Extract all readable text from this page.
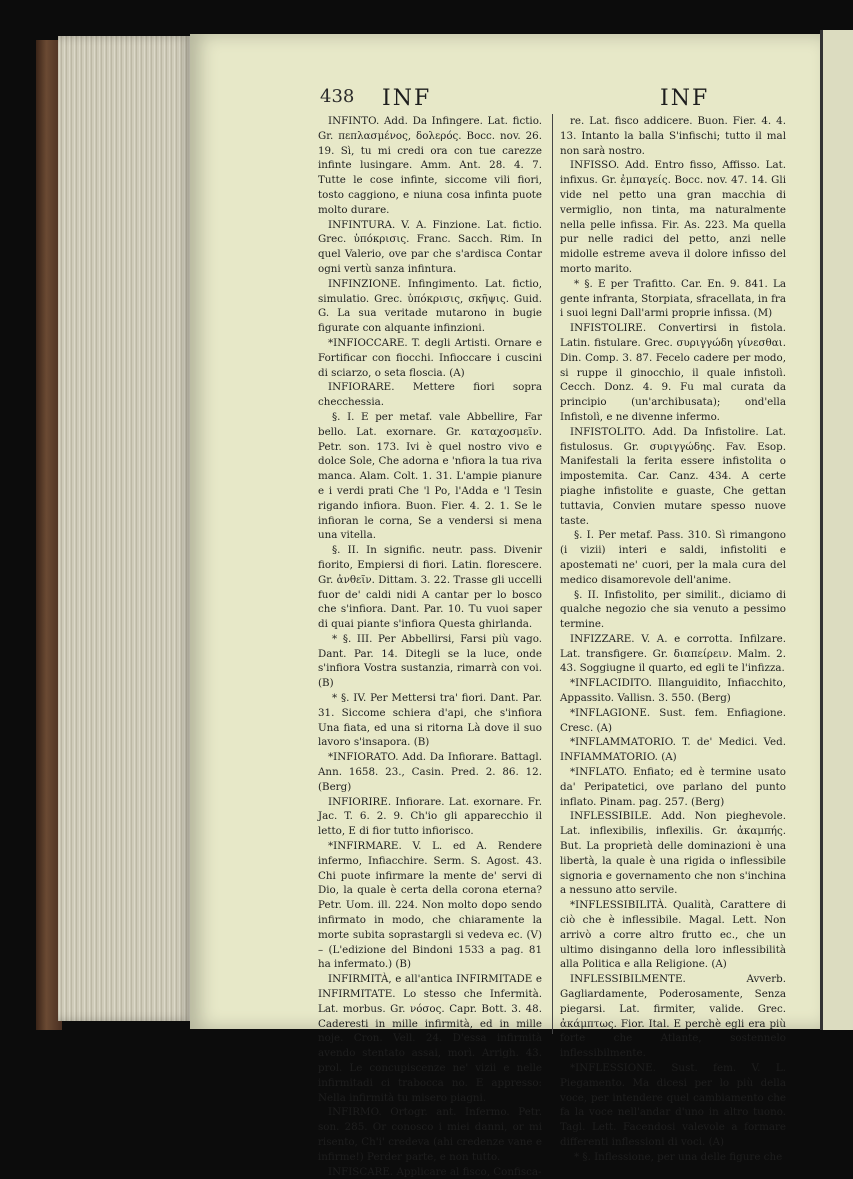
438 INF	INF

INFINTO. Add. Da Infingere. Lat. fictio. Gr. πεπλασμένος, δολερός. Bocc. nov. 26. 19. Sì, tu mi credi ora con tue carezze infinte lusingare. Amm. Ant. 28. 4. 7. Tutte le cose infinte, siccome vili fiori, tosto caggiono, e niuna cosa infinta puote molto durare.

INFINTURA. V. A. Finzione. Lat. fictio. Grec. ὑπόκρισις. Franc. Sacch. Rim. In quel Valerio, ove par che s'ardisca Contar ogni vertù sanza infintura.

INFINZIONE. Infingimento. Lat. fictio, simulatio. Grec. ὑπόκρισις, σκῆψις. Guid. G. La sua veritade mutarono in bugie figurate con alquante infinzioni.

*INFIOCCARE. T. degli Artisti. Ornare e Fortificar con fiocchi. Infioccare i cuscini di sciarzo, o seta floscia. (A)

INFIORARE. Mettere fiori sopra checchessia.

§. I. E per metaf. vale Abbellire, Far bello. Lat. exornare. Gr. καταχοσμεῖν. Petr. son. 173. Ivi è quel nostro vivo e dolce Sole, Che adorna e 'nfiora la tua riva manca. Alam. Colt. 1. 31. L'ampie pianure e i verdi prati Che 'l Po, l'Adda e 'l Tesin rigando infiora. Buon. Fier. 4. 2. 1. Se le infioran le corna, Se a vendersi si mena una vitella.

§. II. In signific. neutr. pass. Divenir fiorito, Empiersi di fiori. Latin. florescere. Gr. ἀνθεῖν. Dittam. 3. 22. Trasse gli uccelli fuor de' caldi nidi A cantar per lo bosco che s'infiora. Dant. Par. 10. Tu vuoi saper di quai piante s'infiora Questa ghirlanda.

* §. III. Per Abbellirsi, Farsi più vago. Dant. Par. 14. Ditegli se la luce, onde s'infiora Vostra sustanzia, rimarrà con voi. (B)

* §. IV. Per Mettersi tra' fiori. Dant. Par. 31. Siccome schiera d'api, che s'infiora Una fiata, ed una si ritorna Là dove il suo lavoro s'insapora. (B)

*INFIORATO. Add. Da Infiorare. Battagl. Ann. 1658. 23., Casin. Pred. 2. 86. 12. (Berg)

INFIORIRE. Infiorare. Lat. exornare. Fr. Jac. T. 6. 2. 9. Ch'io gli apparecchio il letto, E di fior tutto infiorisco.

*INFIRMARE. V. L. ed A. Rendere infermo, Infiacchire. Serm. S. Agost. 43. Chi puote infirmare la mente de' servi di Dio, la quale è certa della corona eterna? Petr. Uom. ill. 224. Non molto dopo sendo infirmato in modo, che chiaramente la morte subita soprastargli si vedeva ec. (V) – (L'edizione del Bindoni 1533 a pag. 81 ha infermato.) (B)

INFIRMITÀ, e all'antica INFIRMITADE e INFIRMITATE. Lo stesso che Infermità. Lat. morbus. Gr. νόσος. Capr. Bott. 3. 48. Caderesti in mille infirmità, ed in mille noje. Cron. Vell. 24. D'essa infirmità avendo stentato assai, morì. Arrigh. 43. prol. Le concupiscenze ne' vizii e nelle infirmitadi ci trabocca no. E appresso: Nella infirmità tu misero piagni.

INFIRMO. Ortogr. ant. Infermo. Petr. son. 285. Or conosco i miei danni, or mi risento, Ch'i' credeva (ahi credenze vane e infirme!) Perder parte, e non tutto.

INFISCARE. Applicare al fisco, Confisca-

re. Lat. fisco addicere. Buon. Fier. 4. 4. 13. Intanto la balla S'infischi; tutto il mal non sarà nostro.

INFISSO. Add. Entro fisso, Affisso. Lat. infixus. Gr. ἐμπαγείς. Bocc. nov. 47. 14. Gli vide nel petto una gran macchia di vermiglio, non tinta, ma naturalmente nella pelle infissa. Fir. As. 223. Ma quella pur nelle radici del petto, anzi nelle midolle estreme aveva il dolore infisso del morto marito.

* §. E per Trafitto. Car. En. 9. 841. La gente infranta, Storpiata, sfracellata, in fra i suoi legni Dall'armi proprie infissa. (M)

INFISTOLIRE. Convertirsi in fistola. Latin. fistulare. Grec. συριγγώδη γίνεσθαι. Din. Comp. 3. 87. Fecelo cadere per modo, si ruppe il ginocchio, il quale infistolì. Cecch. Donz. 4. 9. Fu mal curata da principio (un'archibusata); ond'ella Infistolì, e ne divenne infermo.

INFISTOLITO. Add. Da Infistolire. Lat. fistulosus. Gr. συριγγώδης. Fav. Esop. Manifestali la ferita essere infistolita o impostemita. Car. Canz. 434. A certe piaghe infistolite e guaste, Che gettan tuttavia, Convien mutare spesso nuove taste.

§. I. Per metaf. Pass. 310. Sì rimangono (i vizii) interi e saldi, infistoliti e apostemati ne' cuori, per la mala cura del medico disamorevole dell'anime.

§. II. Infistolito, per similit., diciamo di qualche negozio che sia venuto a pessimo termine.

INFIZZARE. V. A. e corrotta. Infilzare. Lat. transfigere. Gr. διαπείρειν. Malm. 2. 43. Soggiugne il quarto, ed egli te l'infizza.

*INFLACIDITO. Illanguidito, Infiacchito, Appassito. Vallisn. 3. 550. (Berg)

*INFLAGIONE. Sust. fem. Enfiagione. Cresc. (A)

*INFLAMMATORIO. T. de' Medici. Ved. INFIAMMATORIO. (A)

*INFLATO. Enfiato; ed è termine usato da' Peripatetici, ove parlano del punto inflato. Pinam. pag. 257. (Berg)

INFLESSIBILE. Add. Non pieghevole. Lat. inflexibilis, inflexilis. Gr. ἀκαμπής. But. La proprietà delle dominazioni è una libertà, la quale è una rigida o inflessibile signoria e governamento che non s'inchina a nessuno atto servile.

*INFLESSIBILITÀ. Qualità, Carattere di ciò che è inflessibile. Magal. Lett. Non arrivò a corre altro frutto ec., che un ultimo disinganno della loro inflessibilità alla Politica e alla Religione. (A)

INFLESSIBILMENTE. Avverb. Gagliardamente, Poderosamente, Senza piegarsi. Lat. firmiter, valide. Grec. ἀκάμπτως. Fior. Ital. E perchè egli era più forte che Atlante, sostennelo inflessibilmente.

*INFLESSIONE. Sust. fem. V. L. Piegamento. Ma dicesi per lo più della voce, per intendere quel cambiamento che fa la voce nell'andar d'uno in altro tuono. Tagl. Lett. Facendosi valevole a formare differenti inflessioni di voci. (A)

* §. Inflessione, per una delle figure che
